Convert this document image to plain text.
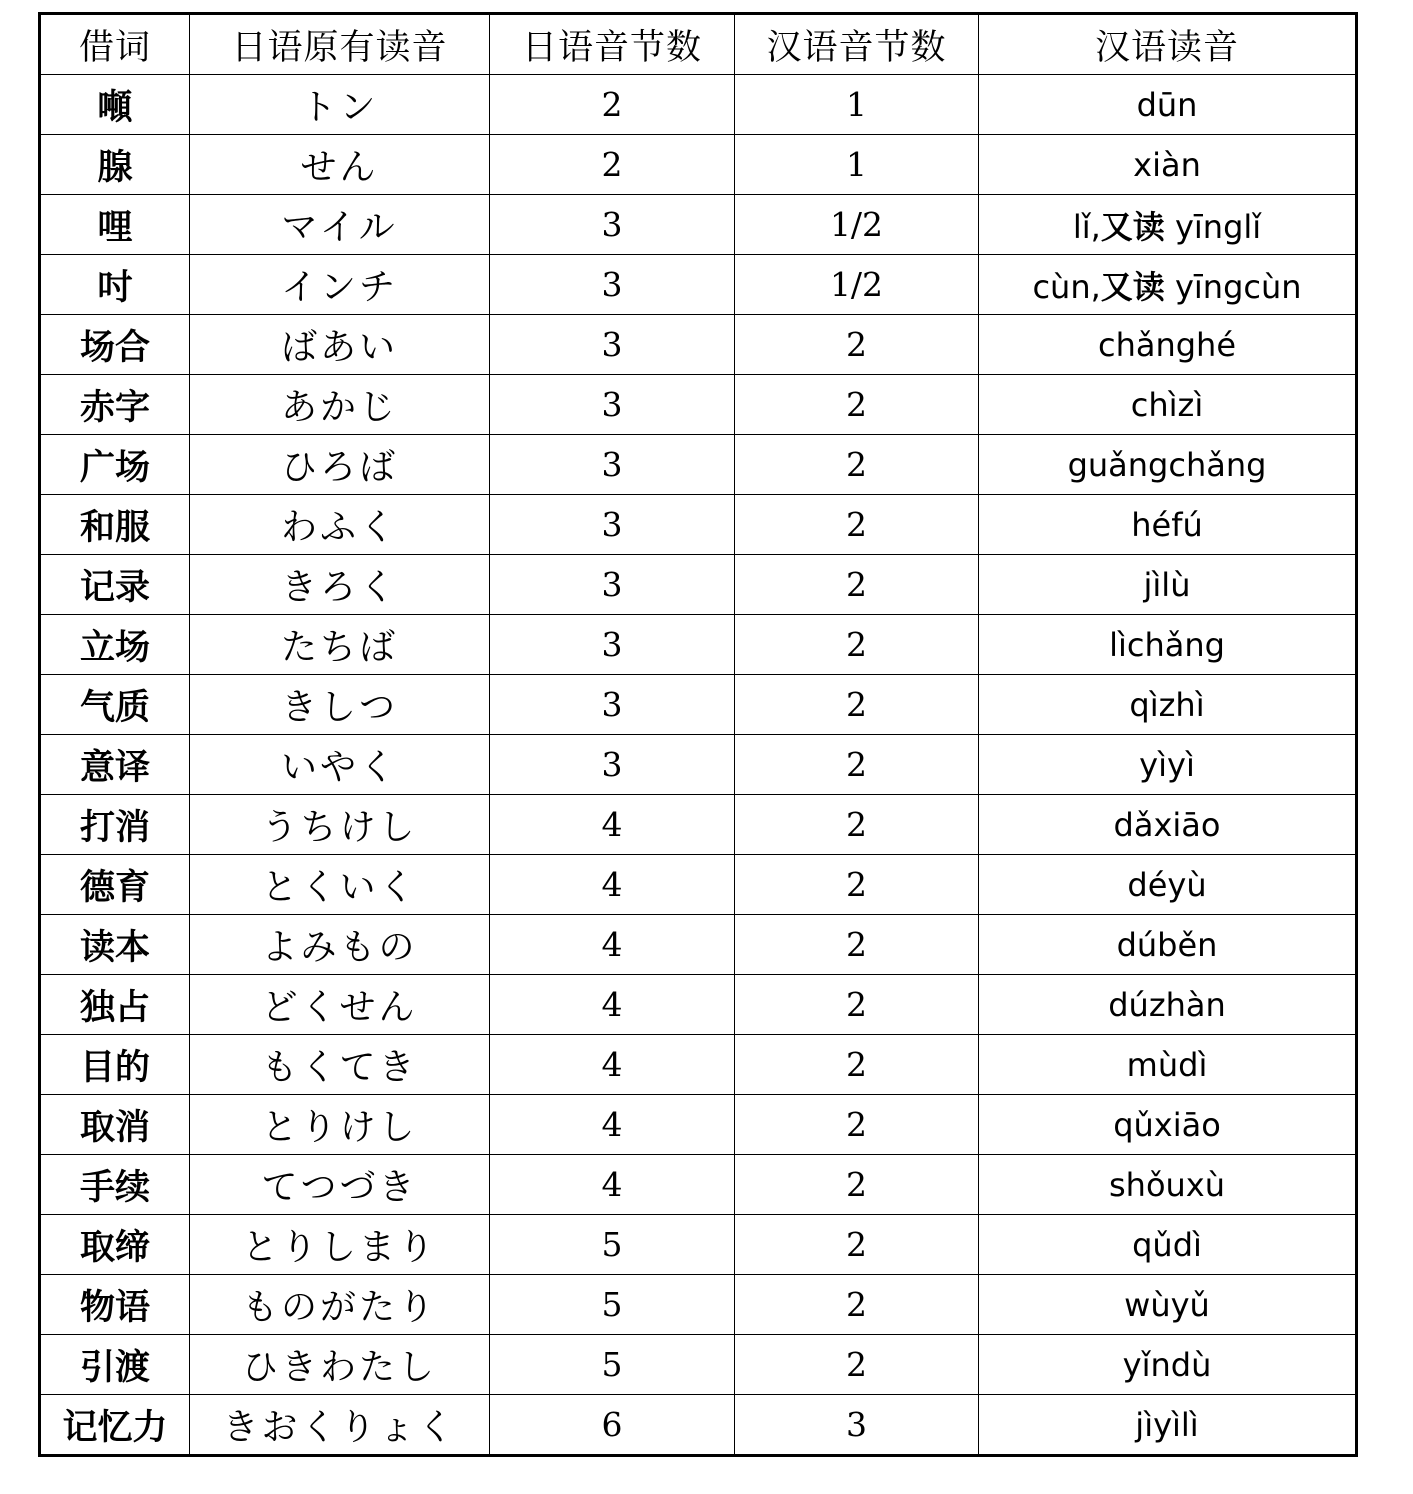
借词	日语原有读音	日语音节数	汉语音节数	汉语读音
噸	トン	2	1	dūn
腺	せん	2	1	xiàn
哩	マイル	3	1/2	lǐ,又读 yīnglǐ
吋	インチ	3	1/2	cùn,又读 yīngcùn
场合	ばあい	3	2	chǎnghé
赤字	あかじ	3	2	chìzì
广场	ひろば	3	2	guǎngchǎng
和服	わふく	3	2	héfú
记录	きろく	3	2	jìlù
立场	たちば	3	2	lìchǎng
气质	きしつ	3	2	qìzhì
意译	いやく	3	2	yìyì
打消	うちけし	4	2	dǎxiāo
德育	とくいく	4	2	déyù
读本	よみもの	4	2	dúběn
独占	どくせん	4	2	dúzhàn
目的	もくてき	4	2	mùdì
取消	とりけし	4	2	qǔxiāo
手续	てつづき	4	2	shǒuxù
取缔	とりしまり	5	2	qǔdì
物语	ものがたり	5	2	wùyǔ
引渡	ひきわたし	5	2	yǐndù
记忆力	きおくりょく	6	3	jìyìlì
